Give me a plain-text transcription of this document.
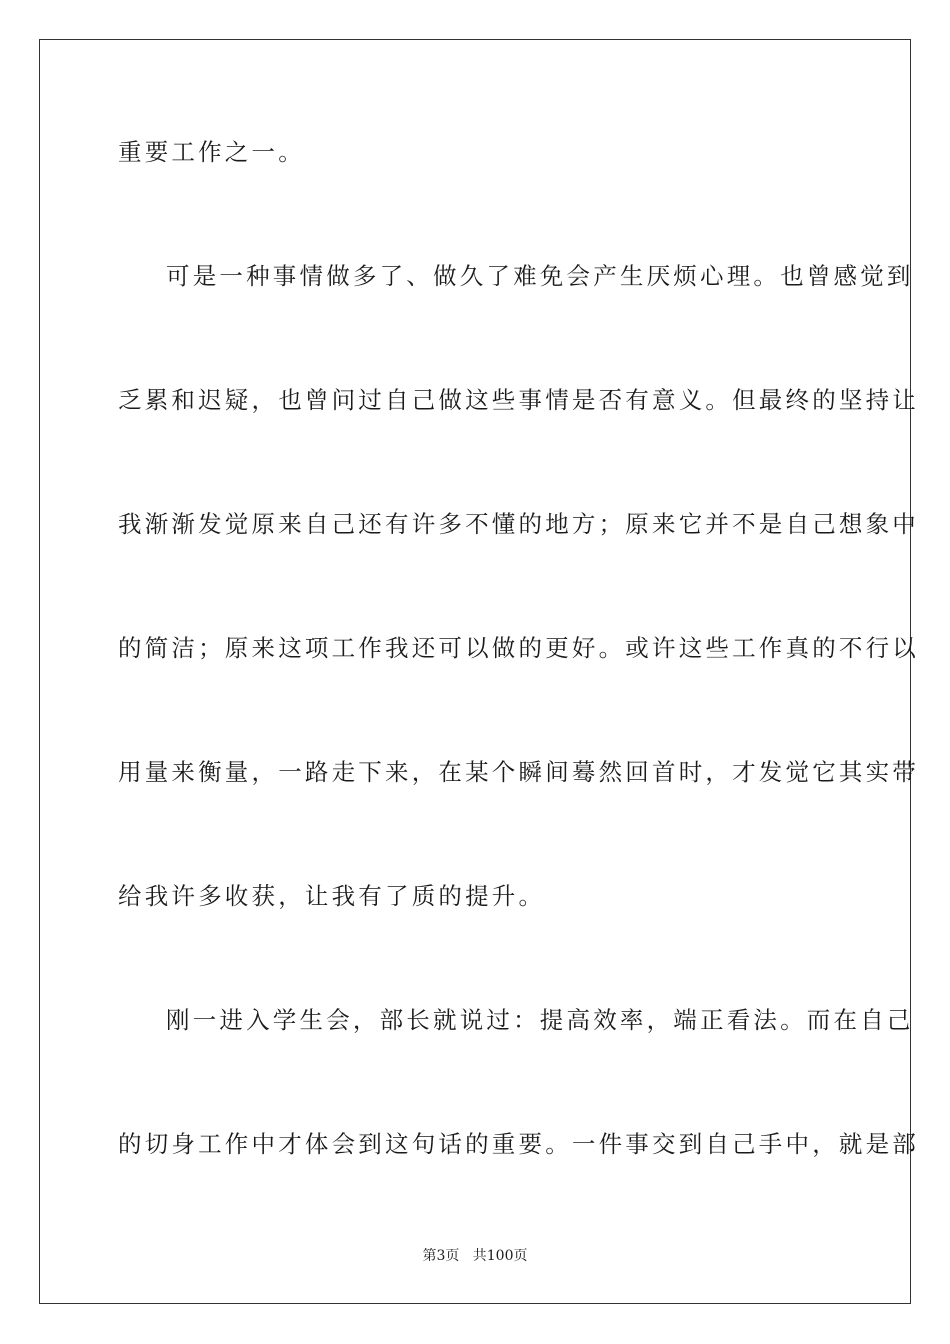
重要工作之一。
可是一种事情做多了、做久了难免会产生厌烦心理。也曾感觉到
乏累和迟疑，也曾问过自己做这些事情是否有意义。但最终的坚持让
我渐渐发觉原来自己还有许多不懂的地方；原来它并不是自己想象中
的简洁；原来这项工作我还可以做的更好。或许这些工作真的不行以
用量来衡量，一路走下来，在某个瞬间蓦然回首时，才发觉它其实带
给我许多收获，让我有了质的提升。
刚一进入学生会，部长就说过：提高效率，端正看法。而在自己
的切身工作中才体会到这句话的重要。一件事交到自己手中，就是部
第3页 共100页
